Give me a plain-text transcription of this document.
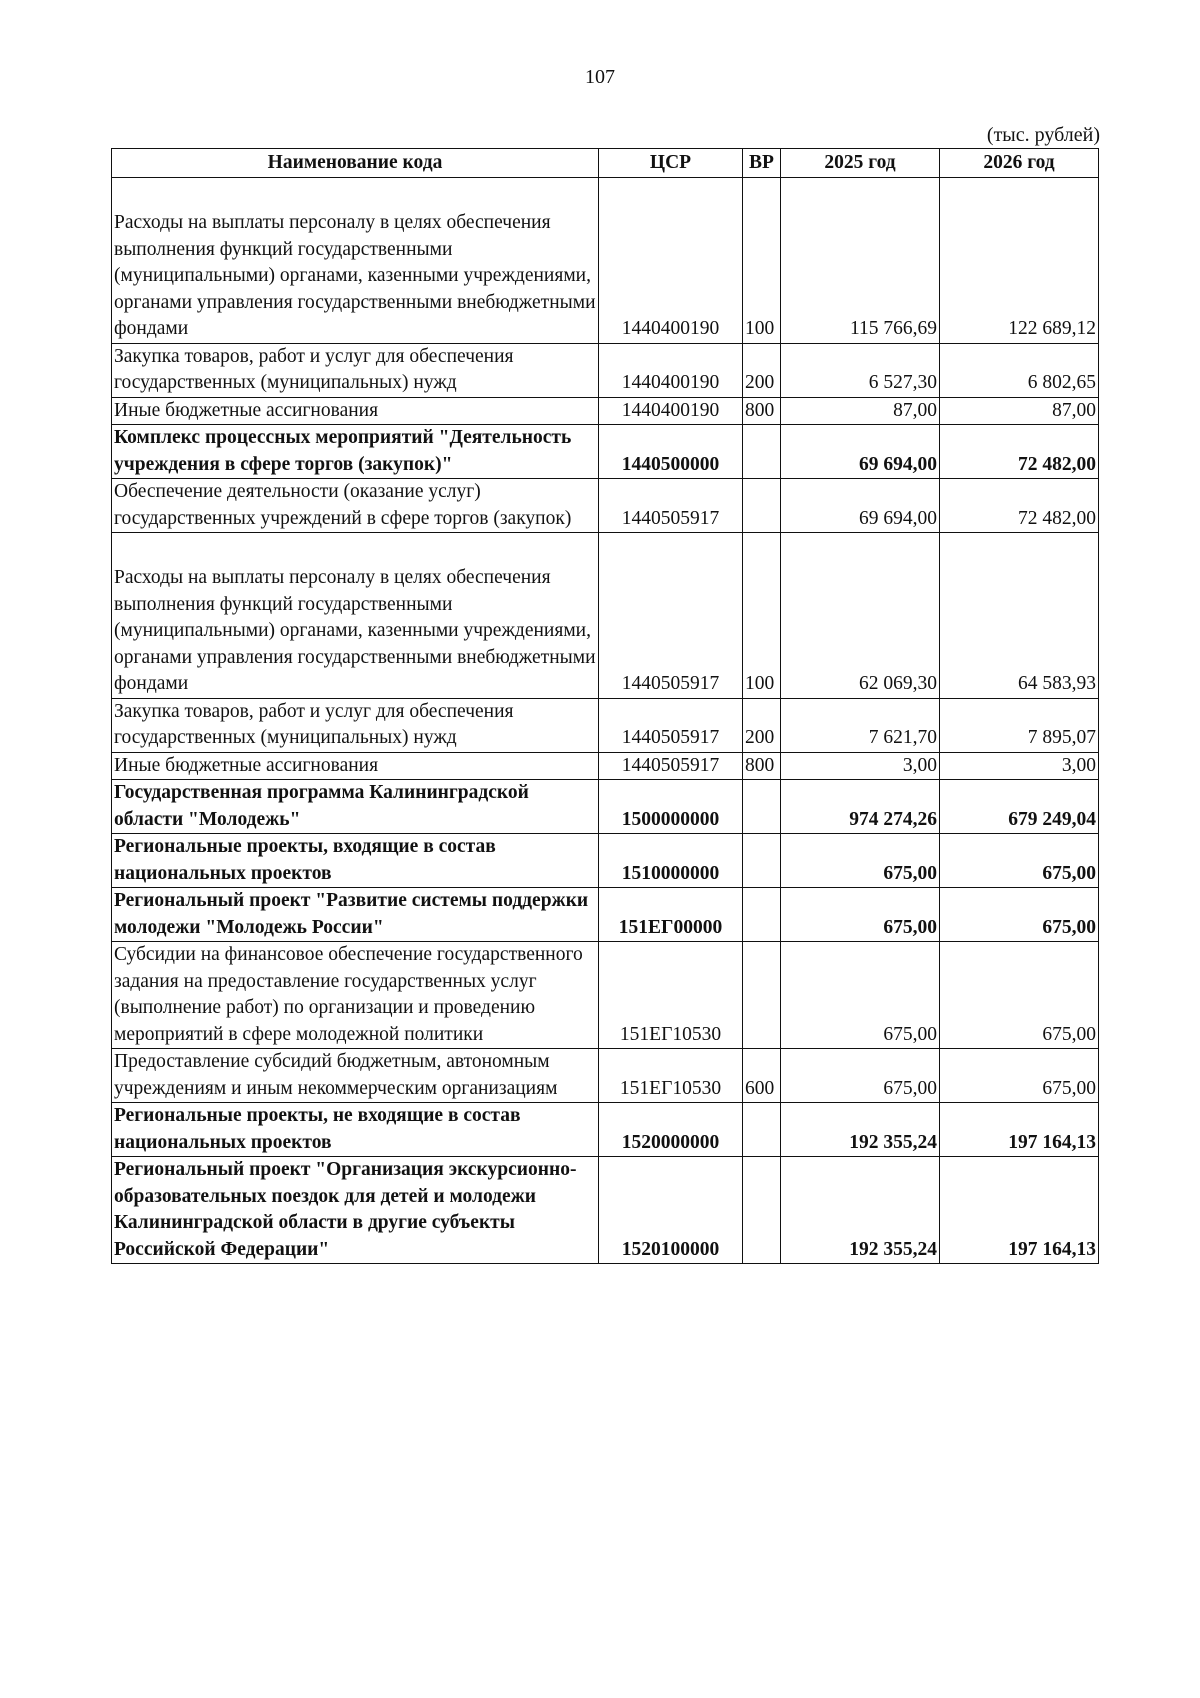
107
(тыс. рублей)
Наименование кода	ЦСР	ВР	2025 год	2026 год
Расходы на выплаты персоналу в целях обеспечения выполнения функций государственными (муниципальными) органами, казенными учреждениями, органами управления государственными внебюджетными фондами	1440400190	100	115 766,69	122 689,12
Закупка товаров, работ и услуг для обеспечения государственных (муниципальных) нужд	1440400190	200	6 527,30	6 802,65
Иные бюджетные ассигнования	1440400190	800	87,00	87,00
Комплекс процессных мероприятий "Деятельность учреждения в сфере торгов (закупок)"	1440500000		69 694,00	72 482,00
Обеспечение деятельности (оказание услуг) государственных учреждений в сфере торгов (закупок)	1440505917		69 694,00	72 482,00
Расходы на выплаты персоналу в целях обеспечения выполнения функций государственными (муниципальными) органами, казенными учреждениями, органами управления государственными внебюджетными фондами	1440505917	100	62 069,30	64 583,93
Закупка товаров, работ и услуг для обеспечения государственных (муниципальных) нужд	1440505917	200	7 621,70	7 895,07
Иные бюджетные ассигнования	1440505917	800	3,00	3,00
Государственная программа Калининградской области "Молодежь"	1500000000		974 274,26	679 249,04
Региональные проекты, входящие в состав национальных проектов	1510000000		675,00	675,00
Региональный проект "Развитие системы поддержки молодежи "Молодежь России"	151ЕГ00000		675,00	675,00
Субсидии на финансовое обеспечение государственного задания на предоставление государственных услуг (выполнение работ) по организации и проведению мероприятий в сфере молодежной политики	151ЕГ10530		675,00	675,00
Предоставление субсидий бюджетным, автономным учреждениям и иным некоммерческим организациям	151ЕГ10530	600	675,00	675,00
Региональные проекты, не входящие в состав национальных проектов	1520000000		192 355,24	197 164,13
Региональный проект "Организация экскурсионно-образовательных поездок для детей и молодежи Калининградской области в другие субъекты Российской Федерации"	1520100000		192 355,24	197 164,13
